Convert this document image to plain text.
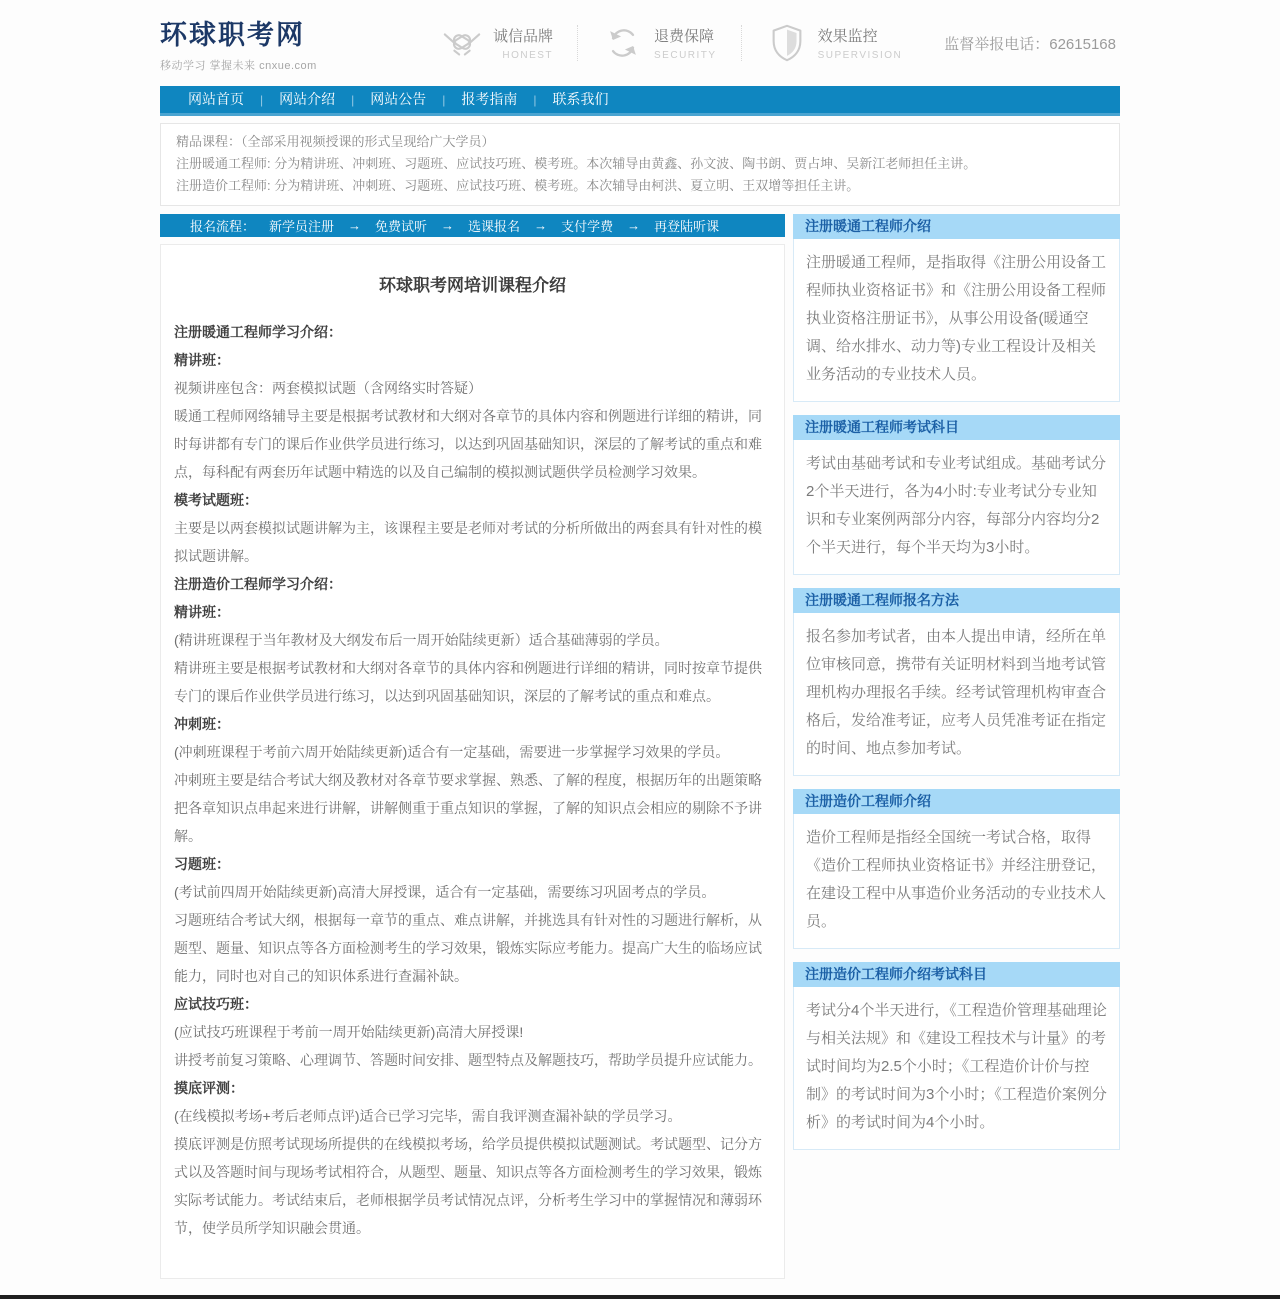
环球职考网
移动学习 掌握未来 cnxue.com
诚信品牌
HONEST
退费保障
SECURITY
效果监控
SUPERVISION
监督举报电话：62615168
网站首页	|	网站介绍	|	网站公告	|	报考指南	|	联系我们
精品课程：（全部采用视频授课的形式呈现给广大学员）
注册暖通工程师: 分为精讲班、冲刺班、习题班、应试技巧班、模考班。本次辅导由黄鑫、孙文波、陶书朗、贾占坤、吴新江老师担任主讲。
注册造价工程师: 分为精讲班、冲刺班、习题班、应试技巧班、模考班。本次辅导由柯洪、夏立明、王双增等担任主讲。
报名流程： 新学员注册 → 免费试听 → 选课报名 → 支付学费 → 再登陆听课
环球职考网培训课程介绍
注册暖通工程师学习介绍：
精讲班：
视频讲座包含：两套模拟试题（含网络实时答疑）
暖通工程师网络辅导主要是根据考试教材和大纲对各章节的具体内容和例题进行详细的精讲，同时每讲都有专门的课后作业供学员进行练习，以达到巩固基础知识，深层的了解考试的重点和难点，每科配有两套历年试题中精选的以及自己编制的模拟测试题供学员检测学习效果。
模考试题班：
主要是以两套模拟试题讲解为主，该课程主要是老师对考试的分析所做出的两套具有针对性的模拟试题讲解。
注册造价工程师学习介绍：
精讲班：
(精讲班课程于当年教材及大纲发布后一周开始陆续更新）适合基础薄弱的学员。
精讲班主要是根据考试教材和大纲对各章节的具体内容和例题进行详细的精讲，同时按章节提供专门的课后作业供学员进行练习，以达到巩固基础知识，深层的了解考试的重点和难点。
冲刺班：
(冲刺班课程于考前六周开始陆续更新)适合有一定基础，需要进一步掌握学习效果的学员。
冲刺班主要是结合考试大纲及教材对各章节要求掌握、熟悉、了解的程度，根据历年的出题策略把各章知识点串起来进行讲解，讲解侧重于重点知识的掌握，了解的知识点会相应的剔除不予讲解。
习题班：
(考试前四周开始陆续更新)高清大屏授课，适合有一定基础，需要练习巩固考点的学员。
习题班结合考试大纲，根据每一章节的重点、难点讲解，并挑选具有针对性的习题进行解析，从题型、题量、知识点等各方面检测考生的学习效果，锻炼实际应考能力。提高广大生的临场应试能力，同时也对自己的知识体系进行查漏补缺。
应试技巧班：
(应试技巧班课程于考前一周开始陆续更新)高清大屏授课!
讲授考前复习策略、心理调节、答题时间安排、题型特点及解题技巧，帮助学员提升应试能力。
摸底评测：
(在线模拟考场+考后老师点评)适合已学习完毕，需自我评测查漏补缺的学员学习。
摸底评测是仿照考试现场所提供的在线模拟考场，给学员提供模拟试题测试。考试题型、记分方式以及答题时间与现场考试相符合，从题型、题量、知识点等各方面检测考生的学习效果，锻炼实际考试能力。考试结束后，老师根据学员考试情况点评，分析考生学习中的掌握情况和薄弱环节，使学员所学知识融会贯通。
注册暖通工程师介绍
注册暖通工程师，是指取得《注册公用设备工程师执业资格证书》和《注册公用设备工程师执业资格注册证书》，从事公用设备(暖通空调、给水排水、动力等)专业工程设计及相关业务活动的专业技术人员。
注册暖通工程师考试科目
考试由基础考试和专业考试组成。基础考试分2个半天进行，各为4小时:专业考试分专业知识和专业案例两部分内容，每部分内容均分2个半天进行，每个半天均为3小时。
注册暖通工程师报名方法
报名参加考试者，由本人提出申请，经所在单位审核同意，携带有关证明材料到当地考试管理机构办理报名手续。经考试管理机构审查合格后，发给准考证，应考人员凭准考证在指定的时间、地点参加考试。
注册造价工程师介绍
造价工程师是指经全国统一考试合格，取得《造价工程师执业资格证书》并经注册登记，在建设工程中从事造价业务活动的专业技术人员。
注册造价工程师介绍考试科目
考试分4个半天进行，《工程造价管理基础理论与相关法规》和《建设工程技术与计量》的考试时间均为2.5个小时；《工程造价计价与控制》的考试时间为3个小时；《工程造价案例分析》的考试时间为4个小时。
